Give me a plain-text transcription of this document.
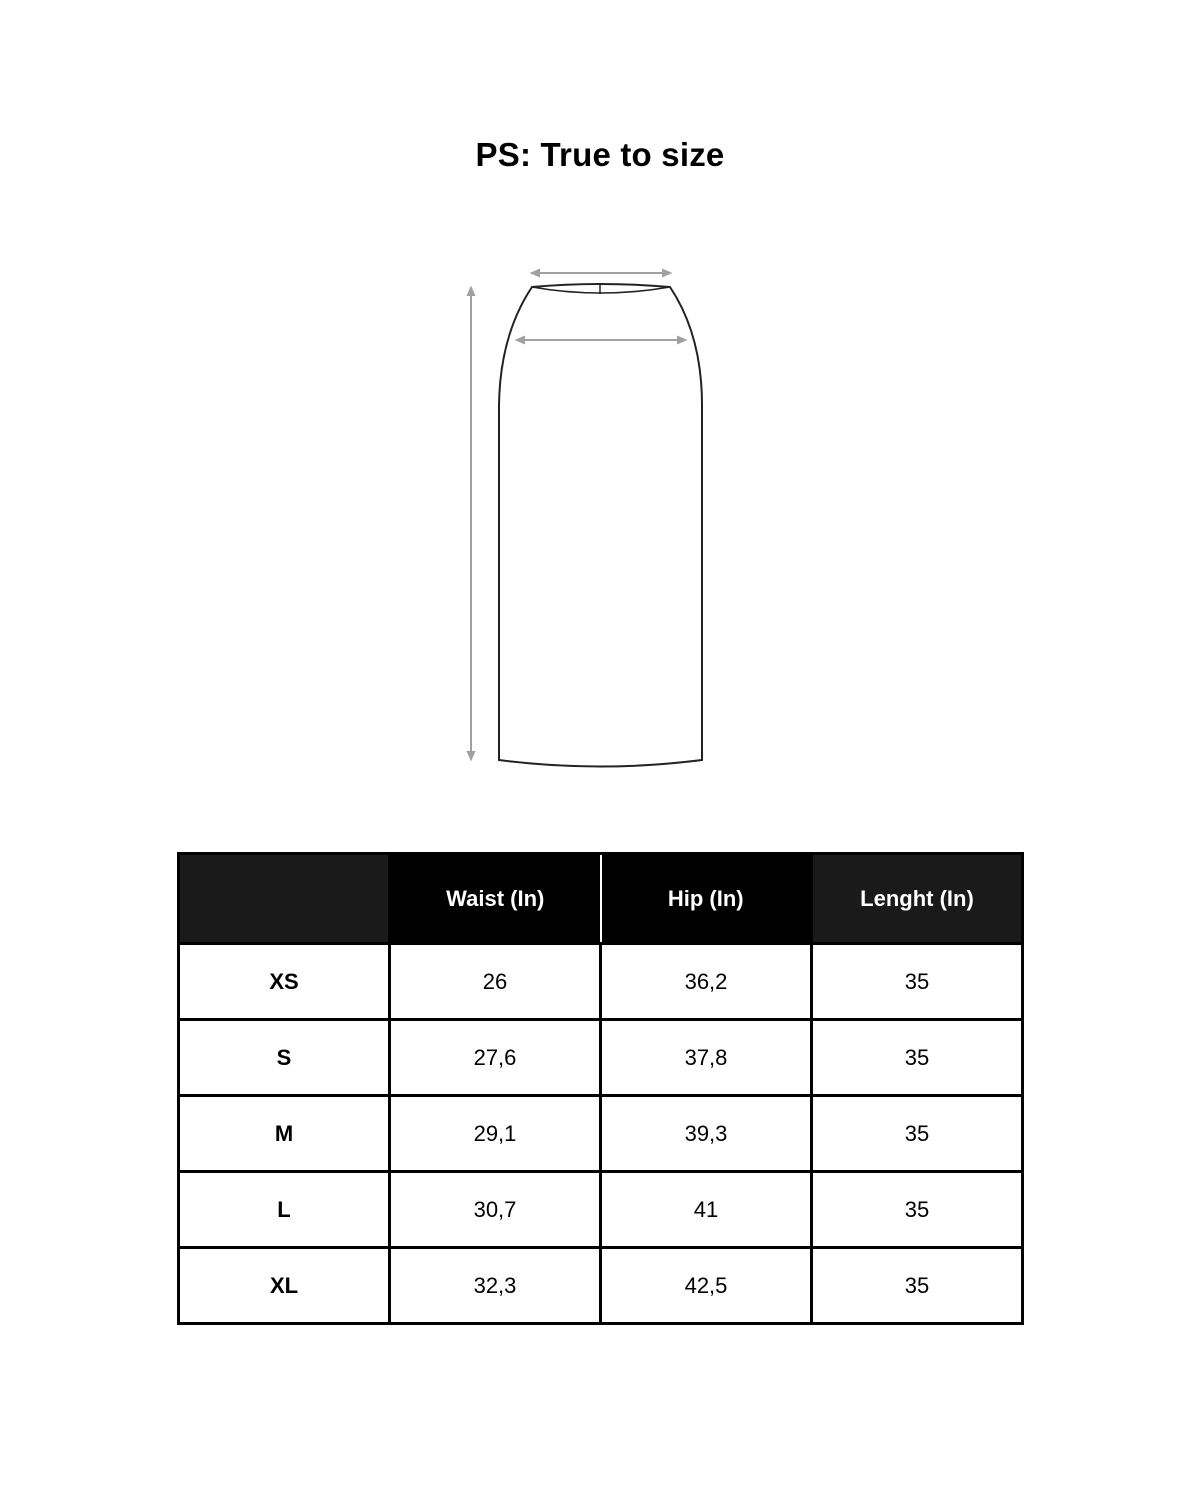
PS: True to size
	Waist (In)	Hip (In)	Lenght (In)
XS	26	36,2	35
S	27,6	37,8	35
M	29,1	39,3	35
L	30,7	41	35
XL	32,3	42,5	35
